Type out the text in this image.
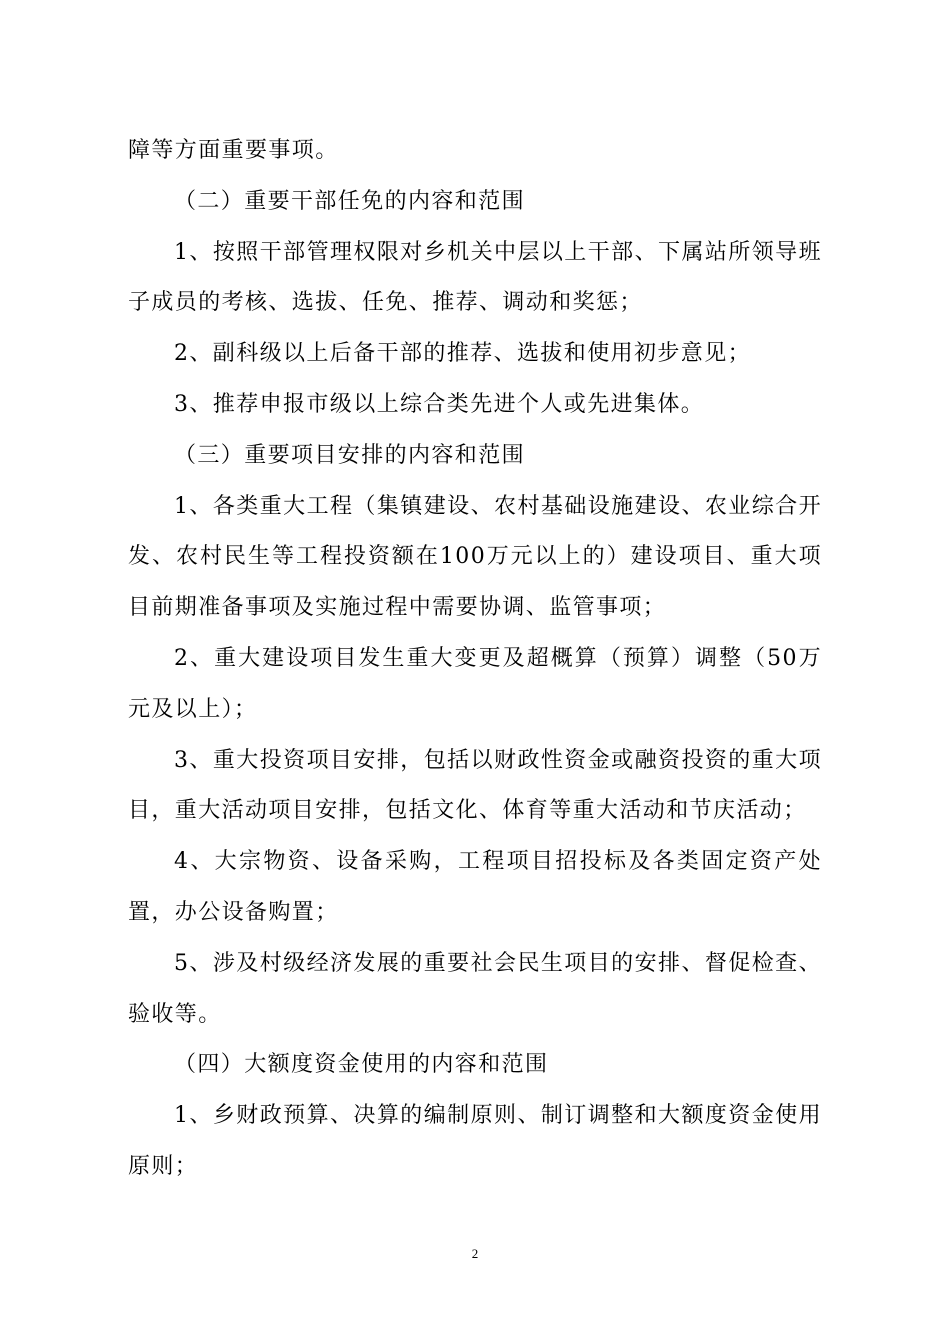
障等方面重要事项。

（二）重要干部任免的内容和范围

1、按照干部管理权限对乡机关中层以上干部、下属站所领导班子成员的考核、选拔、任免、推荐、调动和奖惩；

2、副科级以上后备干部的推荐、选拔和使用初步意见；

3、推荐申报市级以上综合类先进个人或先进集体。

（三）重要项目安排的内容和范围

1、各类重大工程（集镇建设、农村基础设施建设、农业综合开发、农村民生等工程投资额在100万元以上的）建设项目、重大项目前期准备事项及实施过程中需要协调、监管事项；

2、重大建设项目发生重大变更及超概算（预算）调整（50万元及以上）；

3、重大投资项目安排，包括以财政性资金或融资投资的重大项目，重大活动项目安排，包括文化、体育等重大活动和节庆活动；

4、大宗物资、设备采购，工程项目招投标及各类固定资产处置，办公设备购置；

5、涉及村级经济发展的重要社会民生项目的安排、督促检查、验收等。

（四）大额度资金使用的内容和范围

1、乡财政预算、决算的编制原则、制订调整和大额度资金使用原则；

2
